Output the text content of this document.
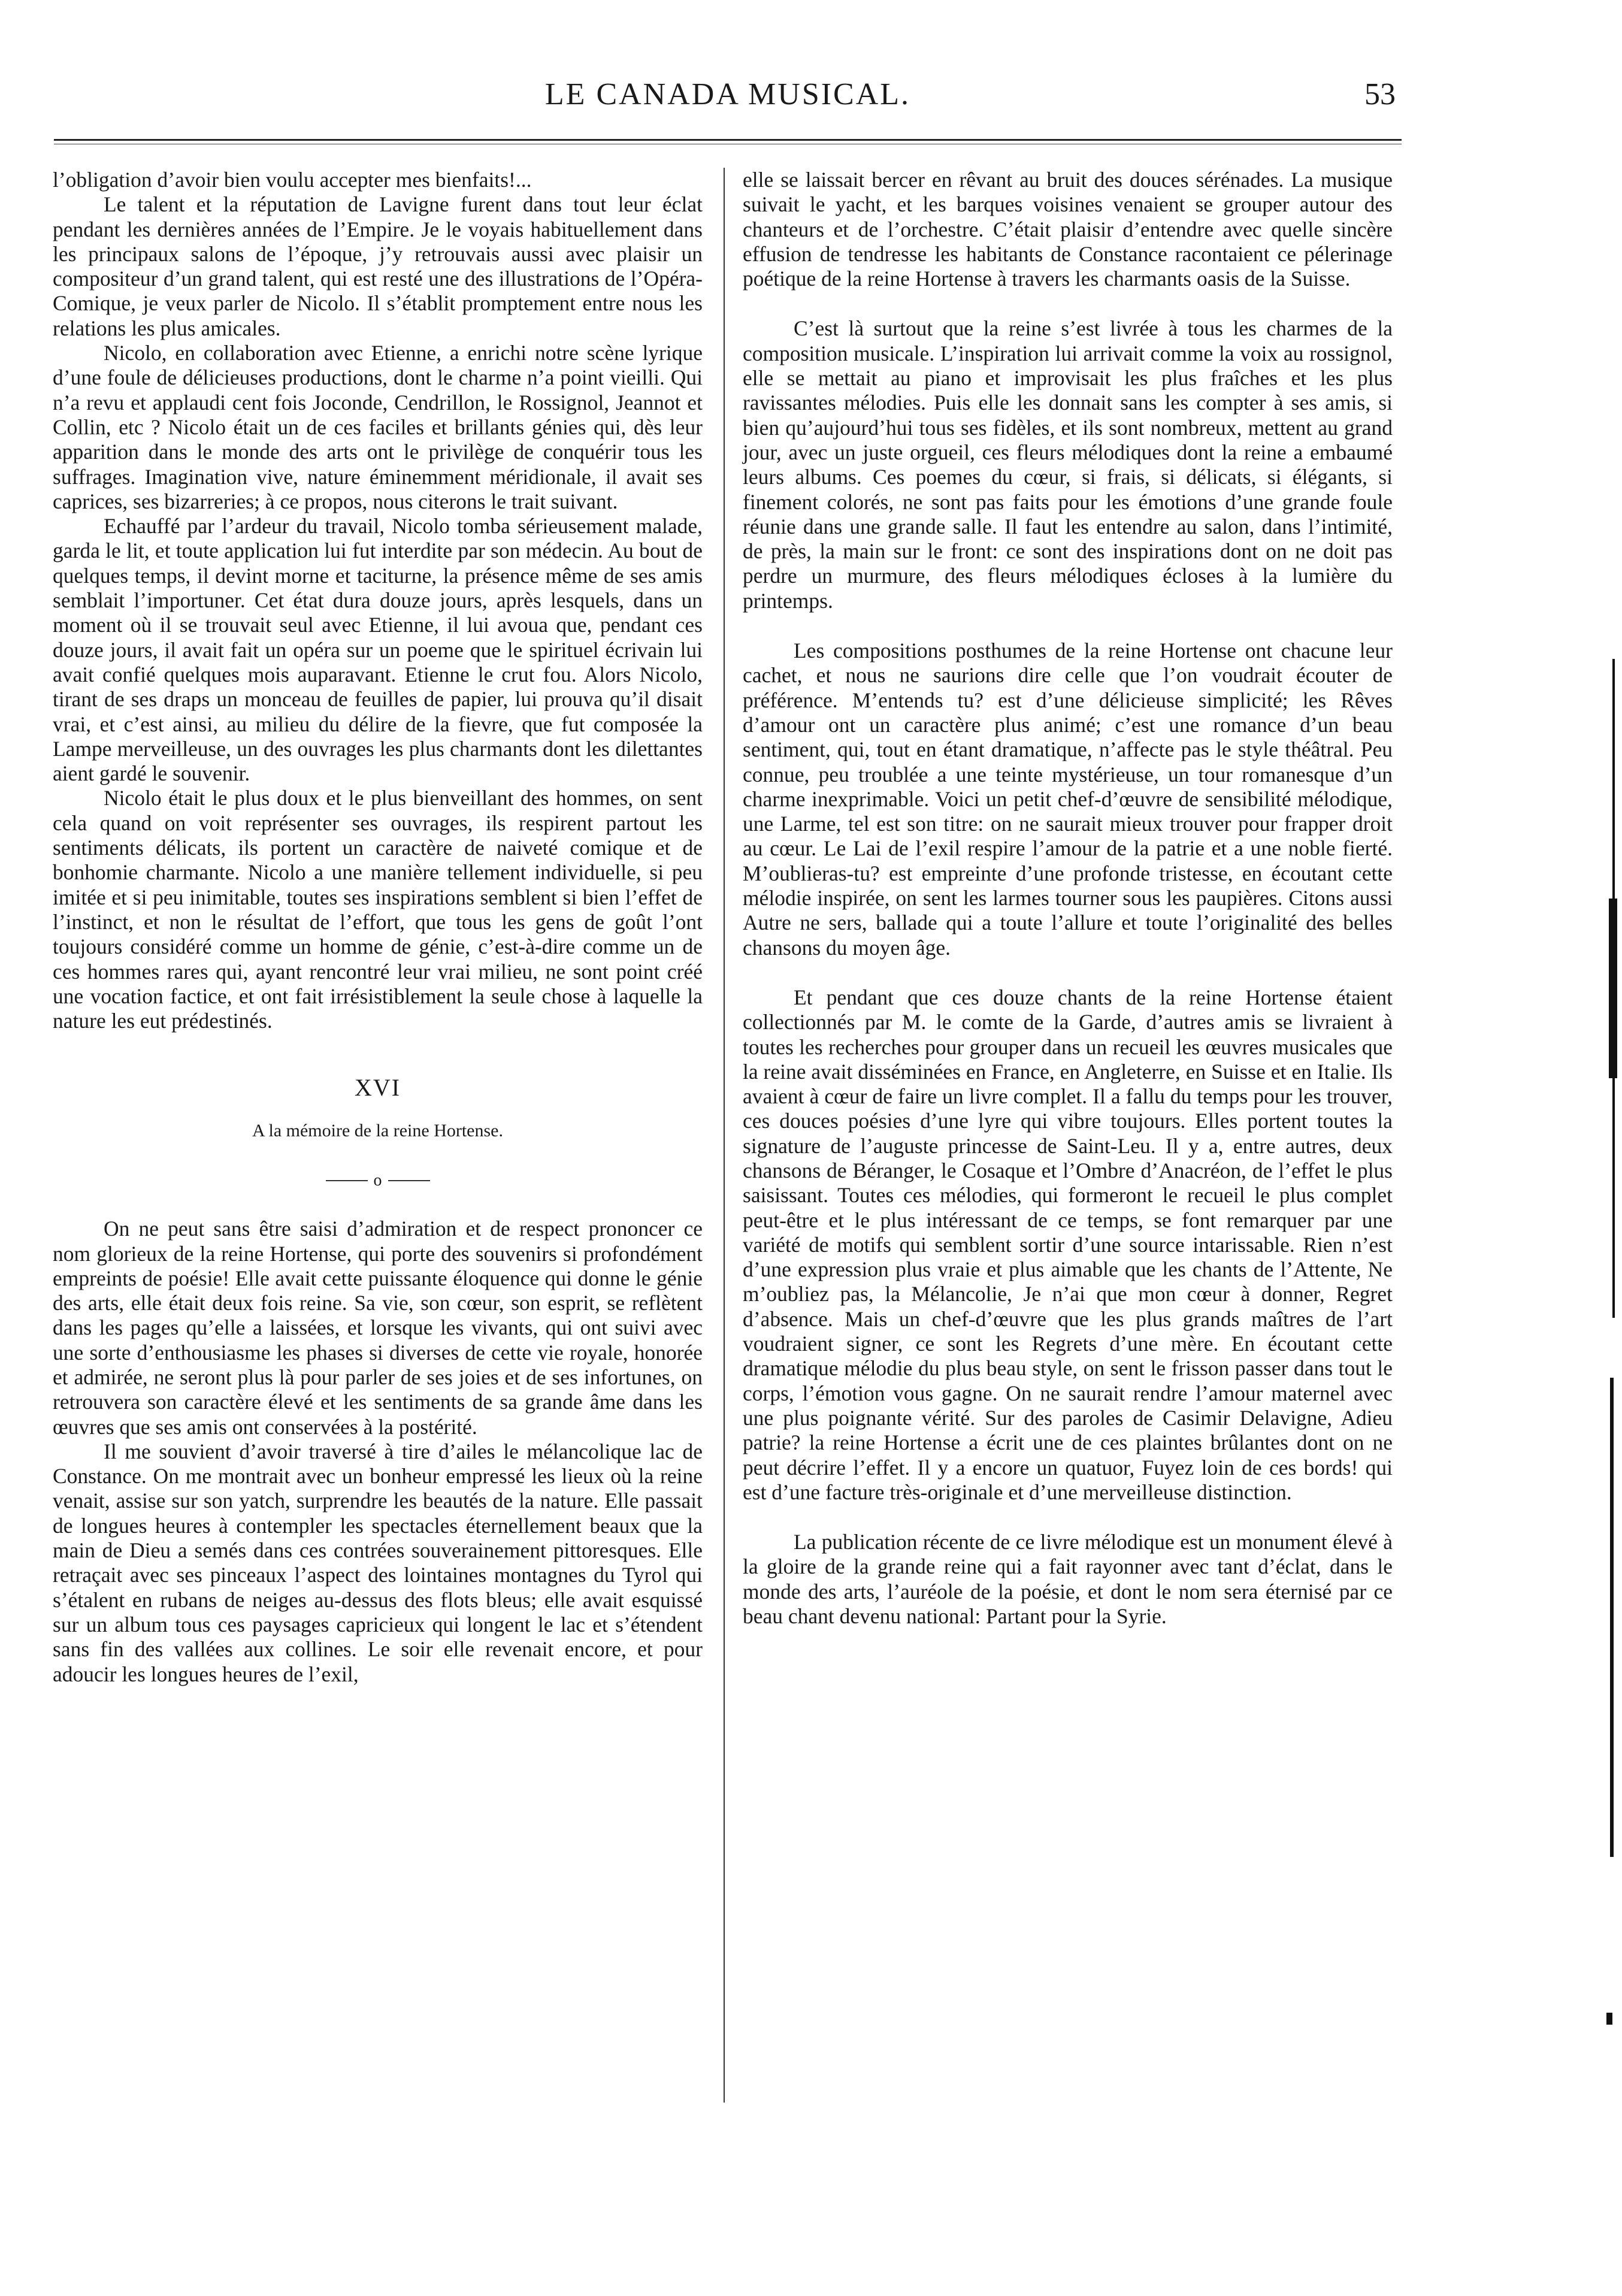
LE CANADA MUSICAL.	53

l’obligation d’avoir bien voulu accepter mes bienfaits!...

Le talent et la réputation de Lavigne furent dans tout leur éclat pendant les dernières années de l’Empire. Je le voyais habituellement dans les principaux salons de l’époque, j’y retrouvais aussi avec plaisir un compositeur d’un grand talent, qui est resté une des illustrations de l’Opéra-Comique, je veux parler de Nicolo. Il s’établit promptement entre nous les relations les plus amicales.

Nicolo, en collaboration avec Etienne, a enrichi notre scène lyrique d’une foule de délicieuses productions, dont le charme n’a point vieilli. Qui n’a revu et applaudi cent fois Joconde, Cendrillon, le Rossignol, Jeannot et Collin, etc ? Nicolo était un de ces faciles et brillants génies qui, dès leur apparition dans le monde des arts ont le privilège de conquérir tous les suffrages. Imagination vive, nature éminemment méridionale, il avait ses caprices, ses bizarreries; à ce propos, nous citerons le trait suivant.

Echauffé par l’ardeur du travail, Nicolo tomba sérieusement malade, garda le lit, et toute application lui fut interdite par son médecin. Au bout de quelques temps, il devint morne et taciturne, la présence même de ses amis semblait l’importuner. Cet état dura douze jours, après lesquels, dans un moment où il se trouvait seul avec Etienne, il lui avoua que, pendant ces douze jours, il avait fait un opéra sur un poeme que le spirituel écrivain lui avait confié quelques mois auparavant. Etienne le crut fou. Alors Nicolo, tirant de ses draps un monceau de feuilles de papier, lui prouva qu’il disait vrai, et c’est ainsi, au milieu du délire de la fievre, que fut composée la Lampe merveilleuse, un des ouvrages les plus charmants dont les dilettantes aient gardé le souvenir.

Nicolo était le plus doux et le plus bienveillant des hommes, on sent cela quand on voit représenter ses ouvrages, ils respirent partout les sentiments délicats, ils portent un caractère de naiveté comique et de bonhomie charmante. Nicolo a une manière tellement individuelle, si peu imitée et si peu inimitable, toutes ses inspirations semblent si bien l’effet de l’instinct, et non le résultat de l’effort, que tous les gens de goût l’ont toujours considéré comme un homme de génie, c’est-à-dire comme un de ces hommes rares qui, ayant rencontré leur vrai milieu, ne sont point créé une vocation factice, et ont fait irrésistiblement la seule chose à laquelle la nature les eut prédestinés.

XVI
A la mémoire de la reine Hortense.
o

On ne peut sans être saisi d’admiration et de respect prononcer ce nom glorieux de la reine Hortense, qui porte des souvenirs si profondément empreints de poésie! Elle avait cette puissante éloquence qui donne le génie des arts, elle était deux fois reine. Sa vie, son cœur, son esprit, se reflètent dans les pages qu’elle a laissées, et lorsque les vivants, qui ont suivi avec une sorte d’enthousiasme les phases si diverses de cette vie royale, honorée et admirée, ne seront plus là pour parler de ses joies et de ses infortunes, on retrouvera son caractère élevé et les sentiments de sa grande âme dans les œuvres que ses amis ont conservées à la postérité.

Il me souvient d’avoir traversé à tire d’ailes le mélancolique lac de Constance. On me montrait avec un bonheur empressé les lieux où la reine venait, assise sur son yatch, surprendre les beautés de la nature. Elle passait de longues heures à contempler les spectacles éternellement beaux que la main de Dieu a semés dans ces contrées souverainement pittoresques. Elle retraçait avec ses pinceaux l’aspect des lointaines montagnes du Tyrol qui s’étalent en rubans de neiges au-dessus des flots bleus; elle avait esquissé sur un album tous ces paysages capricieux qui longent le lac et s’étendent sans fin des vallées aux collines. Le soir elle revenait encore, et pour adoucir les longues heures de l’exil,

elle se laissait bercer en rêvant au bruit des douces sérénades. La musique suivait le yacht, et les barques voisines venaient se grouper autour des chanteurs et de l’orchestre. C’était plaisir d’entendre avec quelle sincère effusion de tendresse les habitants de Constance racontaient ce pélerinage poétique de la reine Hortense à travers les charmants oasis de la Suisse.

C’est là surtout que la reine s’est livrée à tous les charmes de la composition musicale. L’inspiration lui arrivait comme la voix au rossignol, elle se mettait au piano et improvisait les plus fraîches et les plus ravissantes mélodies. Puis elle les donnait sans les compter à ses amis, si bien qu’aujourd’hui tous ses fidèles, et ils sont nombreux, mettent au grand jour, avec un juste orgueil, ces fleurs mélodiques dont la reine a embaumé leurs albums. Ces poemes du cœur, si frais, si délicats, si élégants, si finement colorés, ne sont pas faits pour les émotions d’une grande foule réunie dans une grande salle. Il faut les entendre au salon, dans l’intimité, de près, la main sur le front: ce sont des inspirations dont on ne doit pas perdre un murmure, des fleurs mélodiques écloses à la lumière du printemps.

Les compositions posthumes de la reine Hortense ont chacune leur cachet, et nous ne saurions dire celle que l’on voudrait écouter de préférence. M’entends tu? est d’une délicieuse simplicité; les Rêves d’amour ont un caractère plus animé; c’est une romance d’un beau sentiment, qui, tout en étant dramatique, n’affecte pas le style théâtral. Peu connue, peu troublée a une teinte mystérieuse, un tour romanesque d’un charme inexprimable. Voici un petit chef-d’œuvre de sensibilité mélodique, une Larme, tel est son titre: on ne saurait mieux trouver pour frapper droit au cœur. Le Lai de l’exil respire l’amour de la patrie et a une noble fierté. M’oublieras-tu? est empreinte d’une profonde tristesse, en écoutant cette mélodie inspirée, on sent les larmes tourner sous les paupières. Citons aussi Autre ne sers, ballade qui a toute l’allure et toute l’originalité des belles chansons du moyen âge.

Et pendant que ces douze chants de la reine Hortense étaient collectionnés par M. le comte de la Garde, d’autres amis se livraient à toutes les recherches pour grouper dans un recueil les œuvres musicales que la reine avait disséminées en France, en Angleterre, en Suisse et en Italie. Ils avaient à cœur de faire un livre complet. Il a fallu du temps pour les trouver, ces douces poésies d’une lyre qui vibre toujours. Elles portent toutes la signature de l’auguste princesse de Saint-Leu. Il y a, entre autres, deux chansons de Béranger, le Cosaque et l’Ombre d’Anacréon, de l’effet le plus saisissant. Toutes ces mélodies, qui formeront le recueil le plus complet peut-être et le plus intéressant de ce temps, se font remarquer par une variété de motifs qui semblent sortir d’une source intarissable. Rien n’est d’une expression plus vraie et plus aimable que les chants de l’Attente, Ne m’oubliez pas, la Mélancolie, Je n’ai que mon cœur à donner, Regret d’absence. Mais un chef-d’œuvre que les plus grands maîtres de l’art voudraient signer, ce sont les Regrets d’une mère. En écoutant cette dramatique mélodie du plus beau style, on sent le frisson passer dans tout le corps, l’émotion vous gagne. On ne saurait rendre l’amour maternel avec une plus poignante vérité. Sur des paroles de Casimir Delavigne, Adieu patrie? la reine Hortense a écrit une de ces plaintes brûlantes dont on ne peut décrire l’effet. Il y a encore un quatuor, Fuyez loin de ces bords! qui est d’une facture très-originale et d’une merveilleuse distinction.

La publication récente de ce livre mélodique est un monument élevé à la gloire de la grande reine qui a fait rayonner avec tant d’éclat, dans le monde des arts, l’auréole de la poésie, et dont le nom sera éternisé par ce beau chant devenu national: Partant pour la Syrie.
